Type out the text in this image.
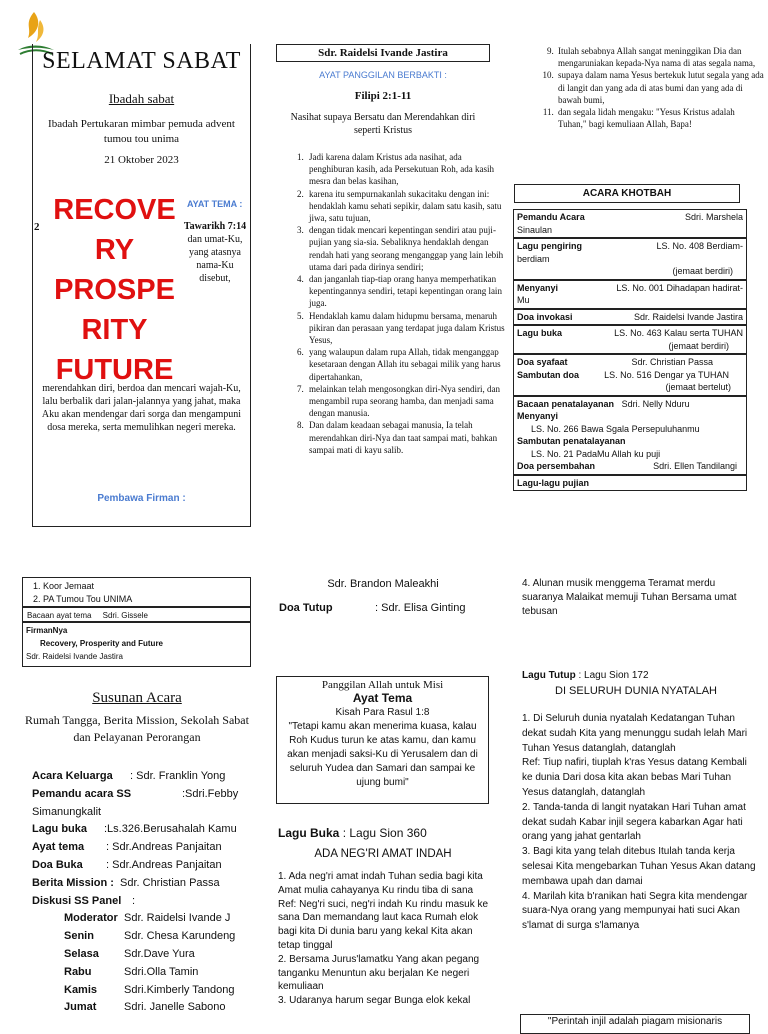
SELAMAT SABAT
Ibadah sabat
Ibadah Pertukaran mimbar pemuda advent tumou tou unima
21 Oktober 2023
RECOVE
RY
PROSPE
RITY
FUTURE
2
AYAT TEMA :
Tawarikh 7:14 dan umat-Ku, yang atasnya nama-Ku disebut,
merendahkan diri, berdoa dan mencari wajah-Ku, lalu berbalik dari jalan-jalannya yang jahat, maka Aku akan mendengar dari sorga dan mengampuni dosa mereka, serta memulihkan negeri mereka.
Pembawa Firman :
Sdr. Raidelsi Ivande Jastira
AYAT PANGGILAN BERBAKTI :
Filipi 2:1-11
Nasihat supaya Bersatu dan Merendahkan diri seperti Kristus
1. Jadi karena dalam Kristus ada nasihat, ada penghiburan kasih, ada Persekutuan Roh, ada kasih mesra dan belas kasihan,
2. karena itu sempurnakanlah sukacitaku dengan ini: hendaklah kamu sehati sepikir, dalam satu kasih, satu jiwa, satu tujuan,
3. dengan tidak mencari kepentingan sendiri atau puji-pujian yang sia-sia. Sebaliknya hendaklah dengan rendah hati yang seorang menganggap yang lain lebih utama dari pada dirinya sendiri;
4. dan janganlah tiap-tiap orang hanya memperhatikan kepentingannya sendiri, tetapi kepentingan orang lain juga.
5. Hendaklah kamu dalam hidupmu bersama, menaruh pikiran dan perasaan yang terdapat juga dalam Kristus Yesus,
6. yang walaupun dalam rupa Allah, tidak menganggap kesetaraan dengan Allah itu sebagai milik yang harus dipertahankan,
7. melainkan telah mengosongkan diri-Nya sendiri, dan mengambil rupa seorang hamba, dan menjadi sama dengan manusia.
8. Dan dalam keadaan sebagai manusia, Ia telah merendahkan diri-Nya dan taat sampai mati, bahkan sampai mati di kayu salib.
9. Itulah sebabnya Allah sangat meninggikan Dia dan mengaruniakan kepada-Nya nama di atas segala nama,
10. supaya dalam nama Yesus bertekuk lutut segala yang ada di langit dan yang ada di atas bumi dan yang ada di bawah bumi,
11. dan segala lidah mengaku: "Yesus Kristus adalah Tuhan," bagi kemuliaan Allah, Bapa!
ACARA KHOTBAH
Pemandu Acara	Sdri. Marshela
Sinaulan
Lagu pengiring	LS. No. 408 Berdiam-
berdiam
(jemaat berdiri)
Menyanyi	LS. No. 001 Dihadapan hadirat-
Mu
Doa invokasi	Sdr. Raidelsi Ivande Jastira
Lagu buka	LS. No. 463 Kalau serta TUHAN
(jemaat berdiri)
Doa syafaat	Sdr. Christian Passa
Sambutan doa	LS. No. 516 Dengar ya TUHAN
(jemaat bertelut)
Bacaan penatalayanan Sdri. Nelly Nduru
Menyanyi
LS. No. 266 Bawa Sgala Persepuluhanmu
Sambutan penatalayanan
LS. No. 21 PadaMu Allah ku puji
Doa persembahan	Sdri. Ellen Tandilangi
Lagu-lagu pujian
1. Koor Jemaat
2. PA Tumou Tou UNIMA
Bacaan ayat tema Sdri. Gissele
FirmanNya
Recovery, Prosperity and Future
Sdr. Raidelsi Ivande Jastira
Susunan Acara
Rumah Tangga, Berita Mission, Sekolah Sabat dan Pelayanan Perorangan
Acara Keluarga	: Sdr. Franklin Yong
Pemandu acara SS	:Sdri.Febby
Simanungkalit
Lagu buka	:Ls.326.Berusahalah Kamu
Ayat tema	: Sdr.Andreas Panjaitan
Doa Buka	: Sdr.Andreas Panjaitan
Berita Mission : Sdr. Christian Passa
Diskusi SS Panel :
Moderator Sdr. Raidelsi Ivande J
Senin	Sdr. Chesa Karundeng
Selasa	Sdr.Dave Yura
Rabu	Sdri.Olla Tamin
Kamis	Sdri.Kimberly Tandong
Jumat	Sdri. Janelle Sabono
Sdr. Brandon Maleakhi
Doa Tutup	: Sdr. Elisa Ginting
Panggilan Allah untuk Misi
Ayat Tema
Kisah Para Rasul 1:8
"Tetapi kamu akan menerima kuasa, kalau Roh Kudus turun ke atas kamu, dan kamu akan menjadi saksi-Ku di Yerusalem dan di seluruh Yudea dan Samari dan sampai ke ujung bumi"
Lagu Buka : Lagu Sion 360
ADA NEG'RI AMAT INDAH
1. Ada neg'ri amat indah Tuhan sedia bagi kita Amat mulia cahayanya Ku rindu tiba di sana
Ref: Neg'ri suci, neg'ri indah Ku rindu masuk ke sana Dan memandang laut kaca Rumah elok bagi kita Di dunia baru yang kekal Kita akan tetap tinggal
2. Bersama Jurus'lamatku Yang akan pegang tanganku Menuntun aku berjalan Ke negeri kemuliaan
3. Udaranya harum segar Bunga elok kekal
4. Alunan musik menggema Teramat merdu suaranya Malaikat memuji Tuhan Bersama umat tebusan
Lagu Tutup : Lagu Sion 172
DI SELURUH DUNIA NYATALAH
1. Di Seluruh dunia nyatalah Kedatangan Tuhan dekat sudah Kita yang menunggu sudah lelah Mari Tuhan Yesus datanglah, datanglah
Ref: Tiup nafiri, tiuplah k'ras Yesus datang Kembali ke dunia Dari dosa kita akan bebas Mari Tuhan Yesus datanglah, datanglah
2. Tanda-tanda di langit nyatakan Hari Tuhan amat dekat sudah Kabar injil segera kabarkan Agar hati orang yang jahat gentarlah
3. Bagi kita yang telah ditebus Itulah tanda kerja selesai Kita mengebarkan Tuhan Yesus Akan datang membawa upah dan damai
4. Marilah kita b'ranikan hati Segra kita mendengar suara-Nya orang yang mempunyai hati suci Akan s'lamat di surga s'lamanya
"Perintah injil adalah piagam misionaris
